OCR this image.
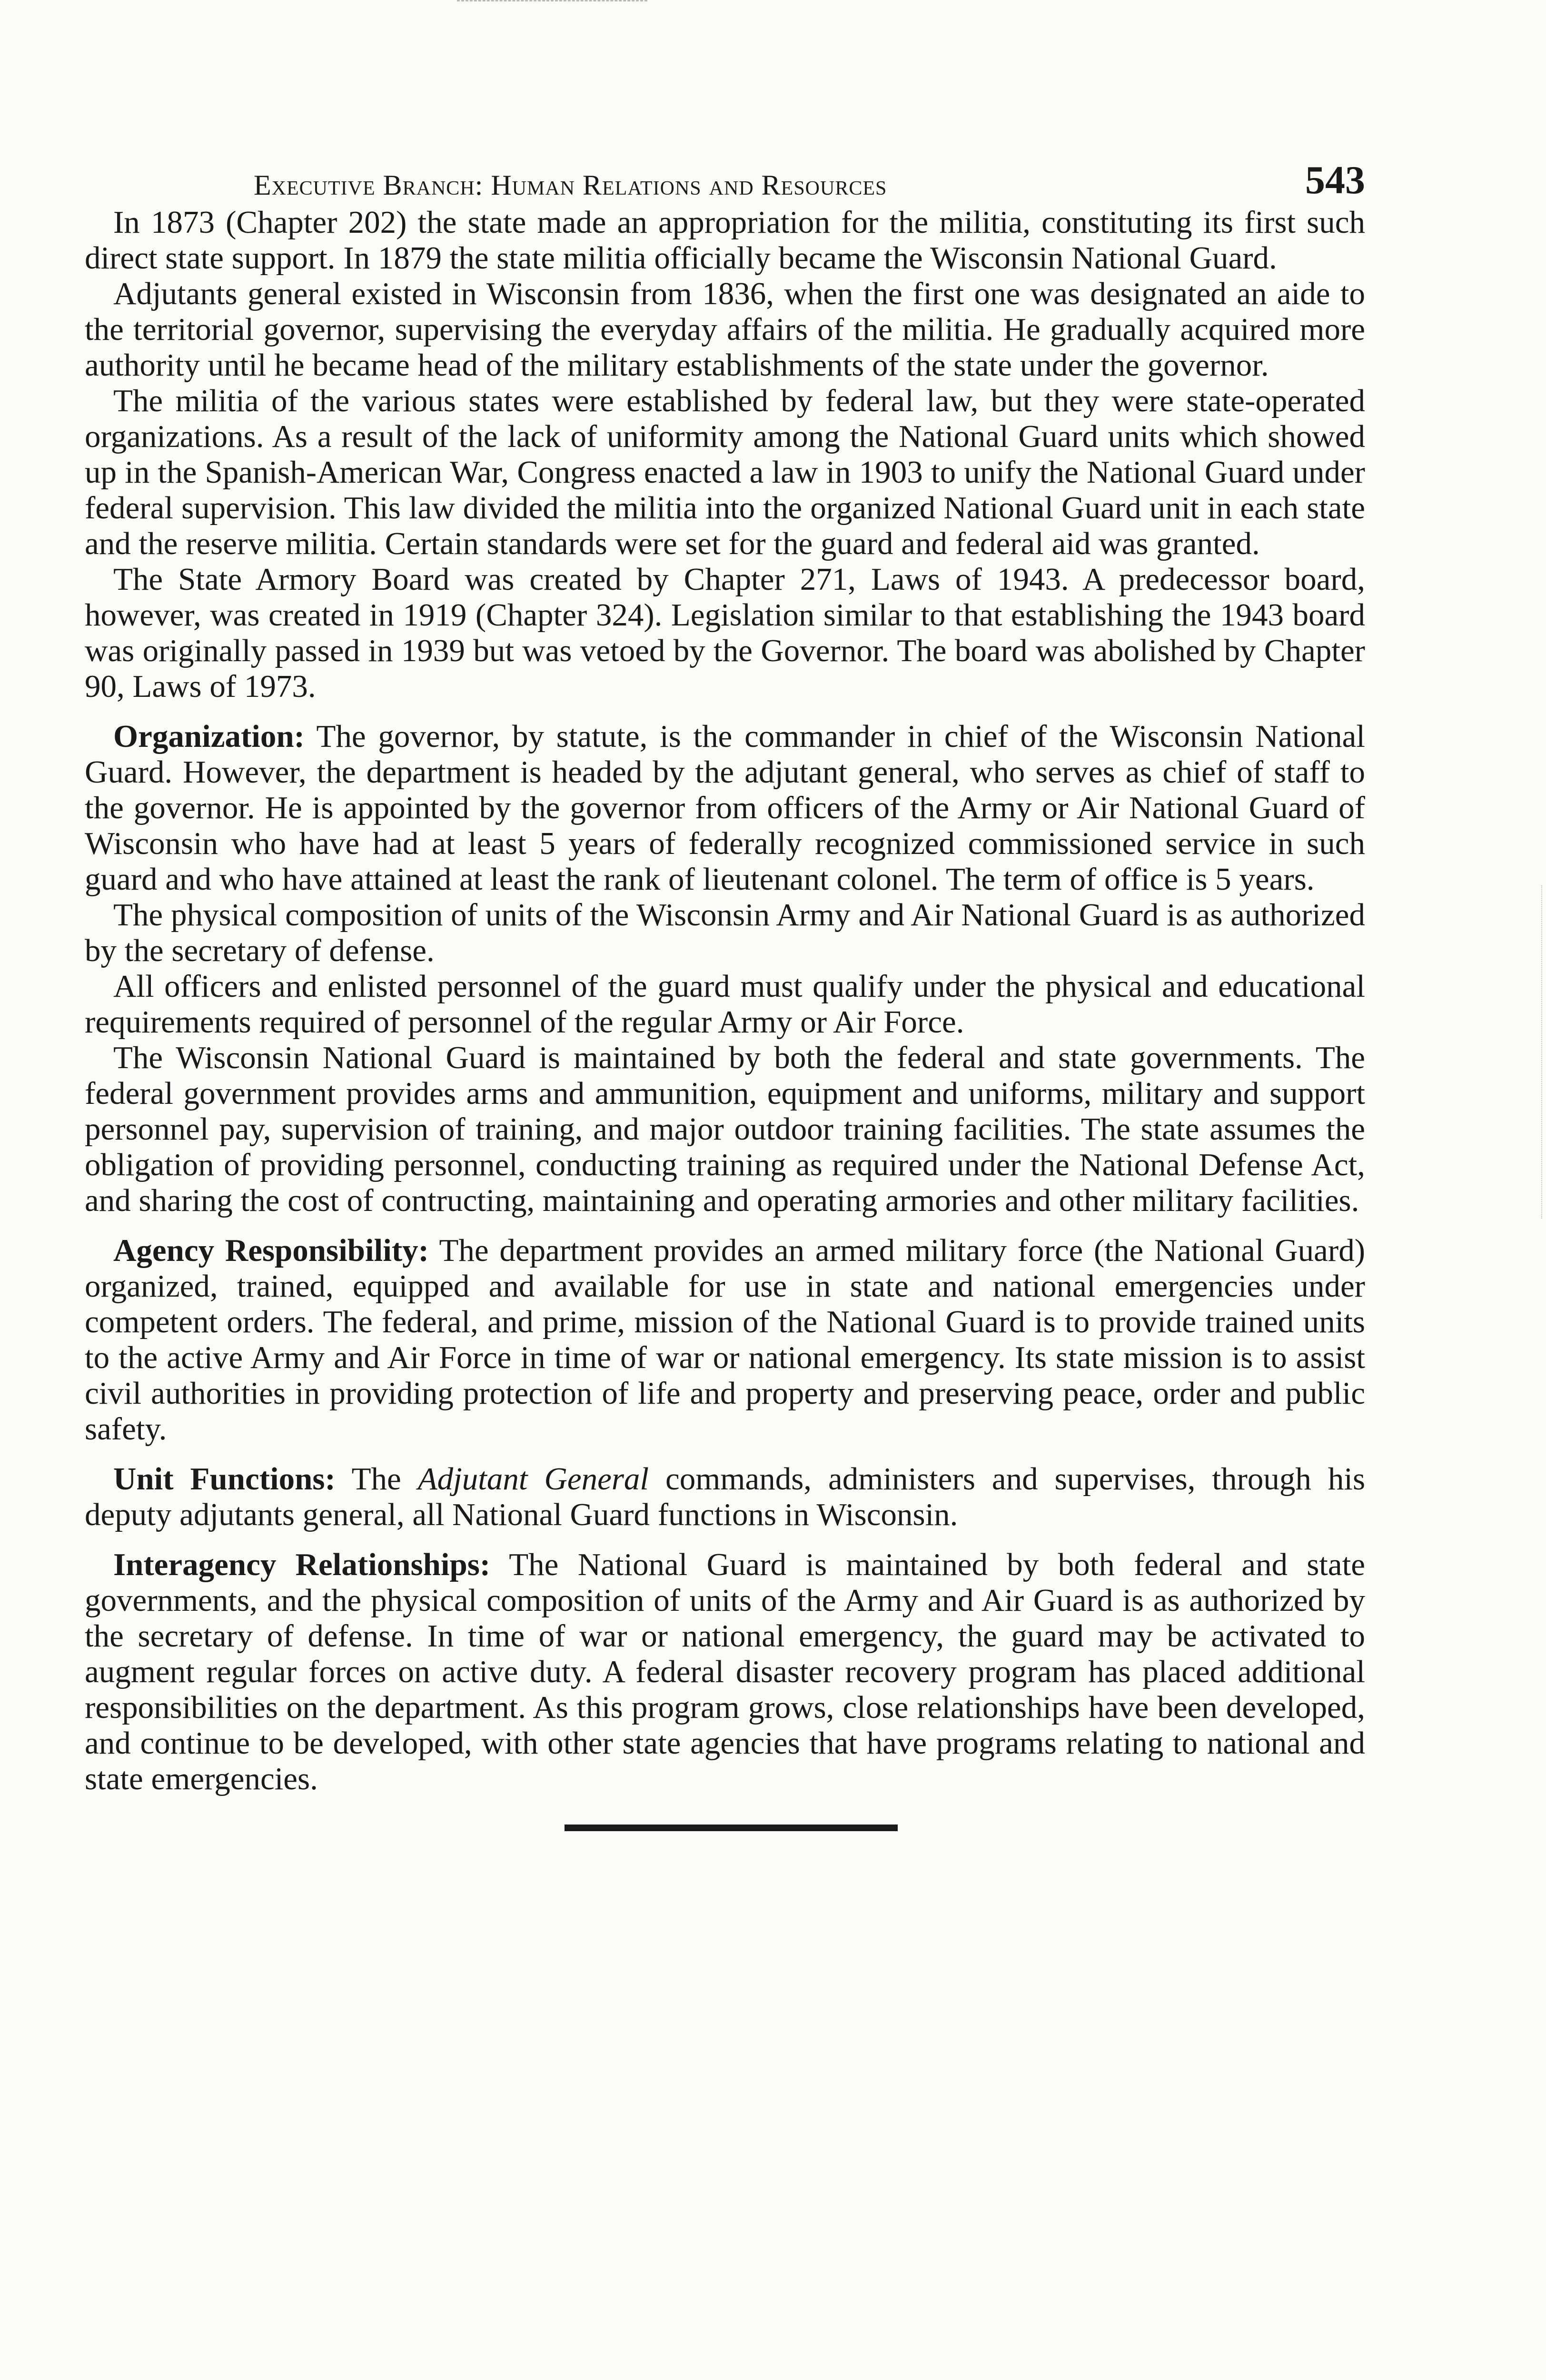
Executive Branch: Human Relations and Resources	543

In 1873 (Chapter 202) the state made an appropriation for the militia, constituting its first such direct state support. In 1879 the state militia officially became the Wisconsin National Guard.

Adjutants general existed in Wisconsin from 1836, when the first one was designated an aide to the territorial governor, supervising the everyday affairs of the militia. He gradually acquired more authority until he became head of the military establishments of the state under the governor.

The militia of the various states were established by federal law, but they were state-operated organizations. As a result of the lack of uniformity among the National Guard units which showed up in the Spanish-American War, Congress enacted a law in 1903 to unify the National Guard under federal supervision. This law divided the militia into the organized National Guard unit in each state and the reserve militia. Certain standards were set for the guard and federal aid was granted.

The State Armory Board was created by Chapter 271, Laws of 1943. A predecessor board, however, was created in 1919 (Chapter 324). Legislation similar to that establishing the 1943 board was originally passed in 1939 but was vetoed by the Governor. The board was abolished by Chapter 90, Laws of 1973.

Organization: The governor, by statute, is the commander in chief of the Wisconsin National Guard. However, the department is headed by the adjutant general, who serves as chief of staff to the governor. He is appointed by the governor from officers of the Army or Air National Guard of Wisconsin who have had at least 5 years of federally recognized commissioned service in such guard and who have attained at least the rank of lieutenant colonel. The term of office is 5 years.

The physical composition of units of the Wisconsin Army and Air National Guard is as authorized by the secretary of defense.

All officers and enlisted personnel of the guard must qualify under the physical and educational requirements required of personnel of the regular Army or Air Force.

The Wisconsin National Guard is maintained by both the federal and state governments. The federal government provides arms and ammunition, equipment and uniforms, military and support personnel pay, supervision of training, and major outdoor training facilities. The state assumes the obligation of providing personnel, conducting training as required under the National Defense Act, and sharing the cost of contructing, maintaining and operating armories and other military facilities.

Agency Responsibility: The department provides an armed military force (the National Guard) organized, trained, equipped and available for use in state and national emergencies under competent orders. The federal, and prime, mission of the National Guard is to provide trained units to the active Army and Air Force in time of war or national emergency. Its state mission is to assist civil authorities in providing protection of life and property and preserving peace, order and public safety.

Unit Functions: The Adjutant General commands, administers and supervises, through his deputy adjutants general, all National Guard functions in Wisconsin.

Interagency Relationships: The National Guard is maintained by both federal and state governments, and the physical composition of units of the Army and Air Guard is as authorized by the secretary of defense. In time of war or national emergency, the guard may be activated to augment regular forces on active duty. A federal disaster recovery program has placed additional responsibilities on the department. As this program grows, close relationships have been developed, and continue to be developed, with other state agencies that have programs relating to national and state emergencies.
